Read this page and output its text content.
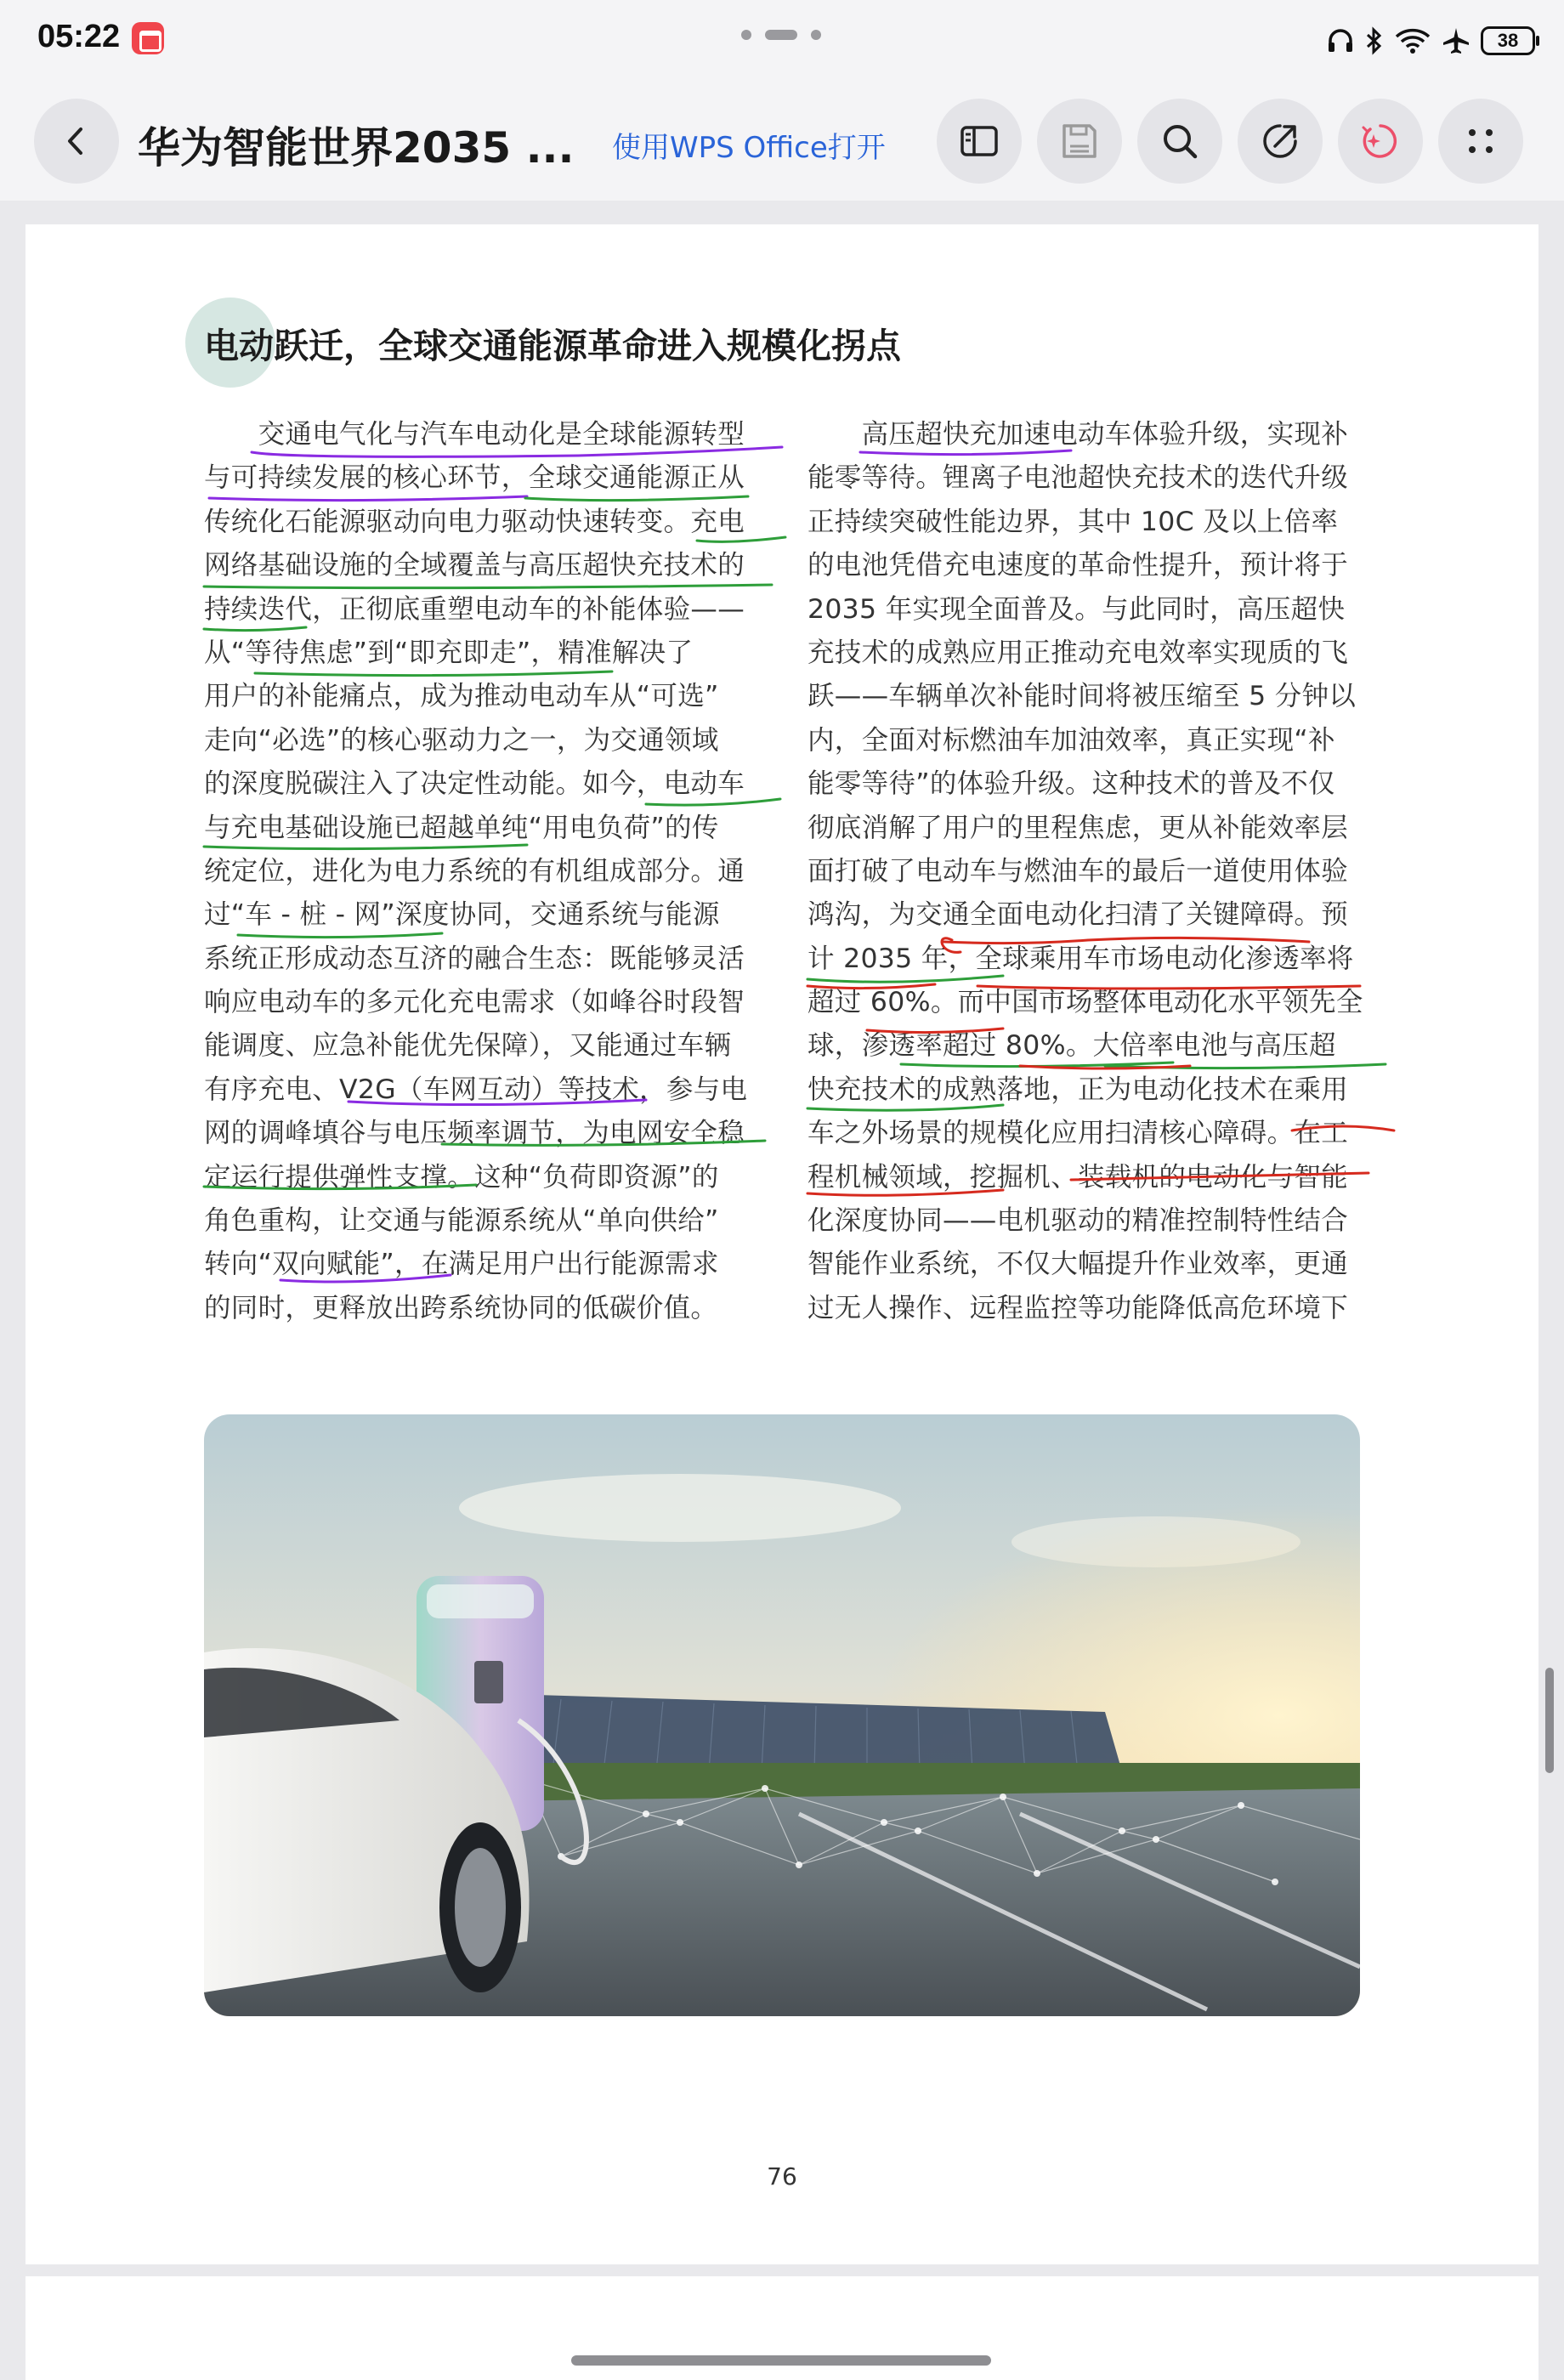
05:22	38
华为智能世界2035 ... 使用WPS Office打开
电动跃迁，全球交通能源革命进入规模化拐点
　　交通电气化与汽车电动化是全球能源转型
与可持续发展的核心环节，全球交通能源正从
传统化石能源驱动向电力驱动快速转变。充电
网络基础设施的全域覆盖与高压超快充技术的
持续迭代，正彻底重塑电动车的补能体验——
从“等待焦虑”到“即充即走”，精准解决了
用户的补能痛点，成为推动电动车从“可选”
走向“必选”的核心驱动力之一，为交通领域
的深度脱碳注入了决定性动能。如今，电动车
与充电基础设施已超越单纯“用电负荷”的传
统定位，进化为电力系统的有机组成部分。通
过“车 - 桩 - 网”深度协同，交通系统与能源
系统正形成动态互济的融合生态：既能够灵活
响应电动车的多元化充电需求（如峰谷时段智
能调度、应急补能优先保障），又能通过车辆
有序充电、V2G（车网互动）等技术，参与电
网的调峰填谷与电压频率调节，为电网安全稳
定运行提供弹性支撑。这种“负荷即资源”的
角色重构，让交通与能源系统从“单向供给”
转向“双向赋能”，在满足用户出行能源需求
的同时，更释放出跨系统协同的低碳价值。
　　高压超快充加速电动车体验升级，实现补
能零等待。锂离子电池超快充技术的迭代升级
正持续突破性能边界，其中 10C 及以上倍率
的电池凭借充电速度的革命性提升，预计将于
2035 年实现全面普及。与此同时，高压超快
充技术的成熟应用正推动充电效率实现质的飞
跃——车辆单次补能时间将被压缩至 5 分钟以
内，全面对标燃油车加油效率，真正实现“补
能零等待”的体验升级。这种技术的普及不仅
彻底消解了用户的里程焦虑，更从补能效率层
面打破了电动车与燃油车的最后一道使用体验
鸿沟，为交通全面电动化扫清了关键障碍。预
计 2035 年，全球乘用车市场电动化渗透率将
超过 60%。而中国市场整体电动化水平领先全
球，渗透率超过 80%。大倍率电池与高压超
快充技术的成熟落地，正为电动化技术在乘用
车之外场景的规模化应用扫清核心障碍。在工
程机械领域，挖掘机、装载机的电动化与智能
化深度协同——电机驱动的精准控制特性结合
智能作业系统，不仅大幅提升作业效率，更通
过无人操作、远程监控等功能降低高危环境下
76
